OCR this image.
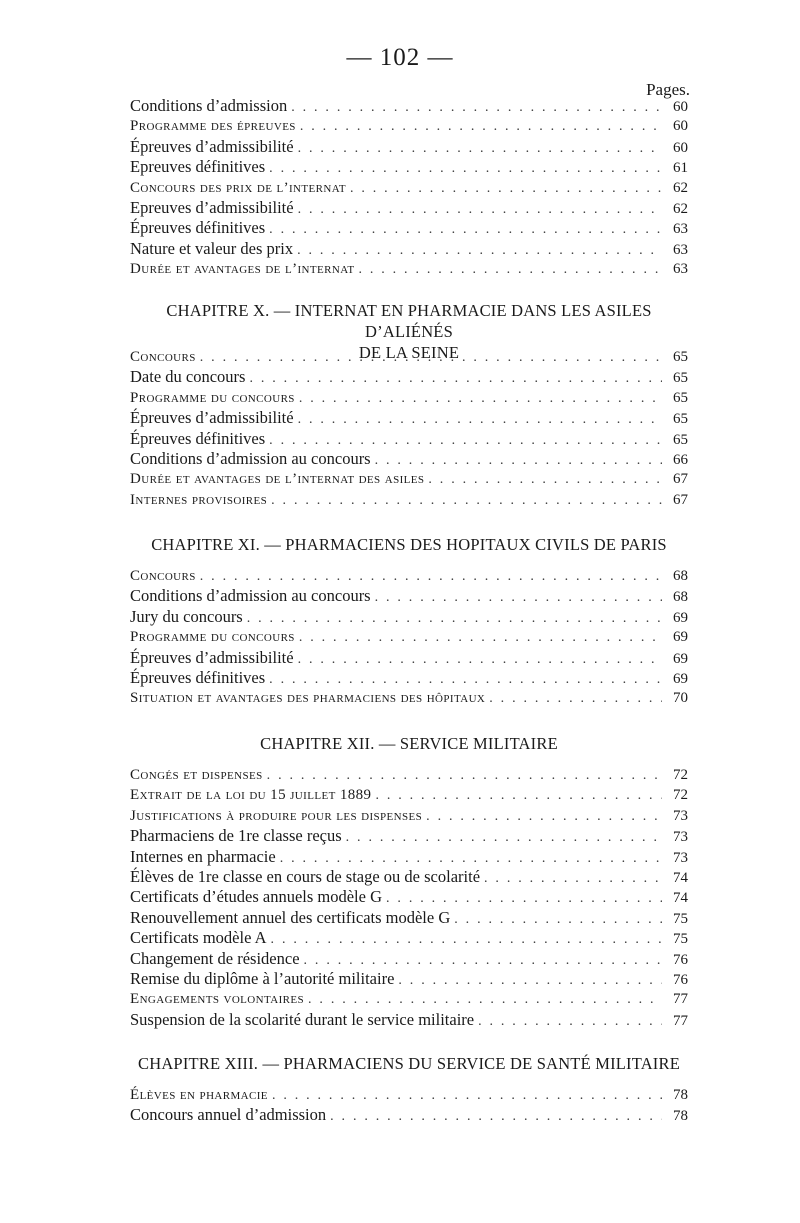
— 102 —
Pages.
Conditions d’admission . . .	60
Programme des épreuves . . .	60
Épreuves d’admissibilité . . .	60
Epreuves définitives . . .	61
Concours des prix de l’internat . . .	62
Epreuves d’admissibilité . . .	62
Épreuves définitives . . .	63
Nature et valeur des prix . . .	63
Durée et avantages de l’internat . . .	63
CHAPITRE X. — INTERNAT EN PHARMACIE DANS LES ASILES D’ALIÉNÉS
DE LA SEINE
Concours . . .	65
Date du concours . . .	65
Programme du concours . . .	65
Épreuves d’admissibilité . . .	65
Épreuves définitives . . .	65
Conditions d’admission au concours . . .	66
Durée et avantages de l’internat des asiles . . .	67
Internes provisoires . . .	67
CHAPITRE XI. — PHARMACIENS DES HOPITAUX CIVILS DE PARIS
Concours . . .	68
Conditions d’admission au concours . . .	68
Jury du concours . . .	69
Programme du concours . . .	69
Épreuves d’admissibilité . . .	69
Épreuves définitives . . .	69
Situation et avantages des pharmaciens des hôpitaux . . .	70
CHAPITRE XII. — SERVICE MILITAIRE
Congés et dispenses . . .	72
Extrait de la loi du 15 juillet 1889 . . .	72
Justifications à produire pour les dispenses . . .	73
Pharmaciens de 1re classe reçus . . .	73
Internes en pharmacie . . .	73
Élèves de 1re classe en cours de stage ou de scolarité . . .	74
Certificats d’études annuels modèle G . . .	74
Renouvellement annuel des certificats modèle G . . .	75
Certificats modèle A . . .	75
Changement de résidence . . .	76
Remise du diplôme à l’autorité militaire . . .	76
Engagements volontaires . . .	77
Suspension de la scolarité durant le service militaire . . .	77
CHAPITRE XIII. — PHARMACIENS DU SERVICE DE SANTÉ MILITAIRE
Élèves en pharmacie . . .	78
Concours annuel d’admission . . .	78
